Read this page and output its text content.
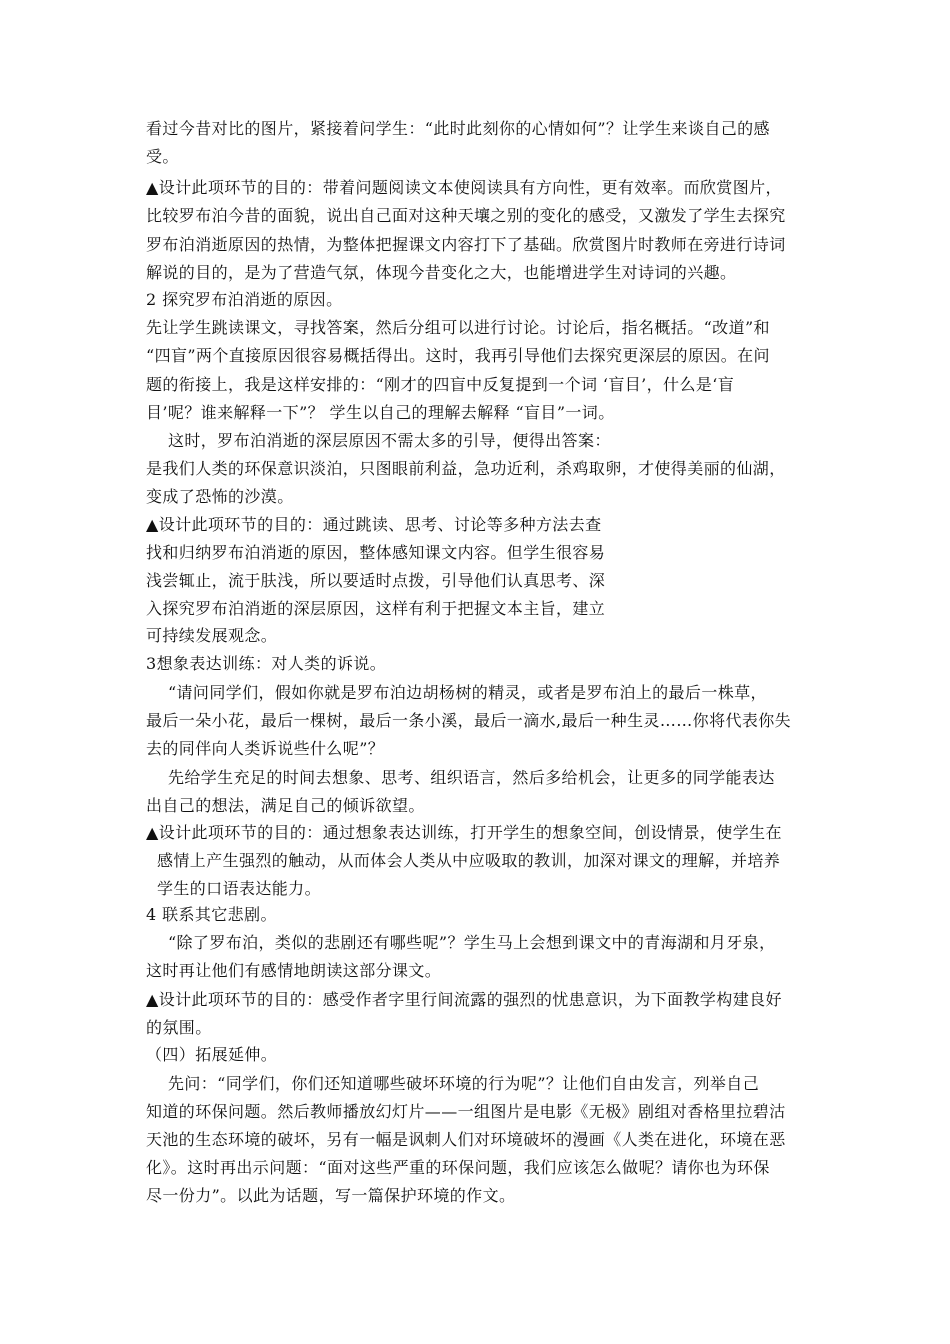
看过今昔对比的图片，紧接着问学生：“此时此刻你的心情如何”？让学生来谈自己的感
受。
▲设计此项环节的目的：带着问题阅读文本使阅读具有方向性，更有效率。而欣赏图片，
比较罗布泊今昔的面貌，说出自己面对这种天壤之别的变化的感受，又激发了学生去探究
罗布泊消逝原因的热情，为整体把握课文内容打下了基础。欣赏图片时教师在旁进行诗词
解说的目的，是为了营造气氛，体现今昔变化之大，也能增进学生对诗词的兴趣。
2 探究罗布泊消逝的原因。
先让学生跳读课文，寻找答案，然后分组可以进行讨论。讨论后，指名概括。“改道”和
“四盲”两个直接原因很容易概括得出。这时，我再引导他们去探究更深层的原因。在问
题的衔接上，我是这样安排的：“刚才的四盲中反复提到一个词 ‘盲目’，什么是‘盲
目’呢？谁来解释一下”？ 学生以自己的理解去解释 “盲目”一词。
这时，罗布泊消逝的深层原因不需太多的引导，便得出答案：
是我们人类的环保意识淡泊，只图眼前利益，急功近利，杀鸡取卵，才使得美丽的仙湖，
变成了恐怖的沙漠。
▲设计此项环节的目的：通过跳读、思考、讨论等多种方法去查
找和归纳罗布泊消逝的原因，整体感知课文内容。但学生很容易
浅尝辄止，流于肤浅，所以要适时点拨，引导他们认真思考、深
入探究罗布泊消逝的深层原因，这样有利于把握文本主旨，建立
可持续发展观念。
3想象表达训练：对人类的诉说。
“请问同学们，假如你就是罗布泊边胡杨树的精灵，或者是罗布泊上的最后一株草，
最后一朵小花，最后一棵树，最后一条小溪，最后一滴水,最后一种生灵……你将代表你失
去的同伴向人类诉说些什么呢”？
先给学生充足的时间去想象、思考、组织语言，然后多给机会，让更多的同学能表达
出自己的想法，满足自己的倾诉欲望。
▲设计此项环节的目的：通过想象表达训练，打开学生的想象空间，创设情景，使学生在
感情上产生强烈的触动，从而体会人类从中应吸取的教训，加深对课文的理解，并培养
学生的口语表达能力。
4 联系其它悲剧。
“除了罗布泊，类似的悲剧还有哪些呢”？学生马上会想到课文中的青海湖和月牙泉，
这时再让他们有感情地朗读这部分课文。
▲设计此项环节的目的：感受作者字里行间流露的强烈的忧患意识，为下面教学构建良好
的氛围。
（四）拓展延伸。
先问：“同学们，你们还知道哪些破坏环境的行为呢”？让他们自由发言，列举自己
知道的环保问题。然后教师播放幻灯片——一组图片是电影《无极》剧组对香格里拉碧沽
天池的生态环境的破坏，另有一幅是讽刺人们对环境破坏的漫画《人类在进化，环境在恶
化》。这时再出示问题：“面对这些严重的环保问题，我们应该怎么做呢？请你也为环保
尽一份力”。以此为话题，写一篇保护环境的作文。
